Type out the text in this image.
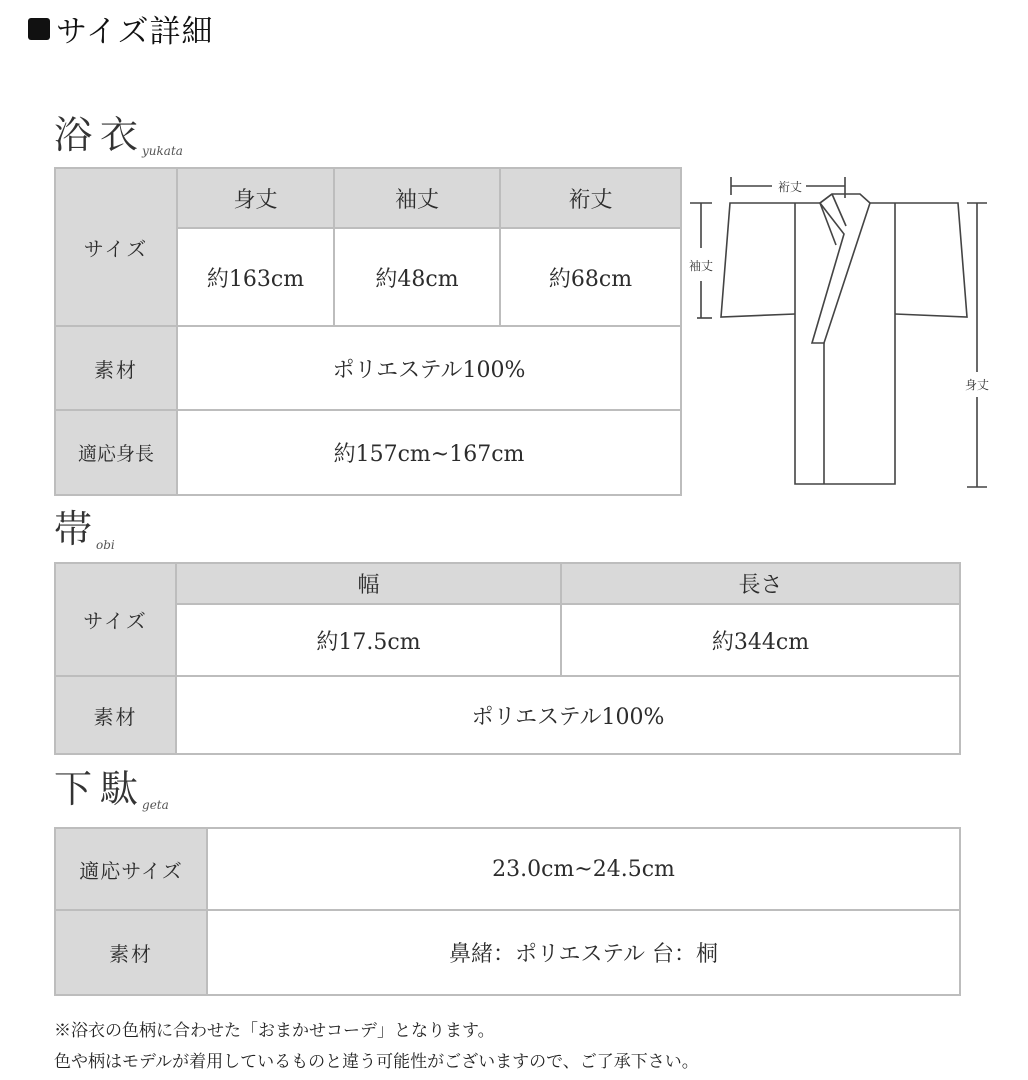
サイズ詳細
浴衣
yukata
サイズ	身丈	袖丈	裄丈
	約163cm	約48cm	約68cm
素材	ポリエステル100%		
適応身長	約157cm~167cm		
裄丈
袖丈
身丈
帯
obi
サイズ	幅	長さ
	約17.5cm	約344cm
素材	ポリエステル100%	
下駄
geta
適応サイズ	23.0cm~24.5cm
素材	鼻緒：ポリエステル 台：桐
※浴衣の色柄に合わせた「おまかせコーデ」となります。
色や柄はモデルが着用しているものと違う可能性がございますので、ご了承下さい。
